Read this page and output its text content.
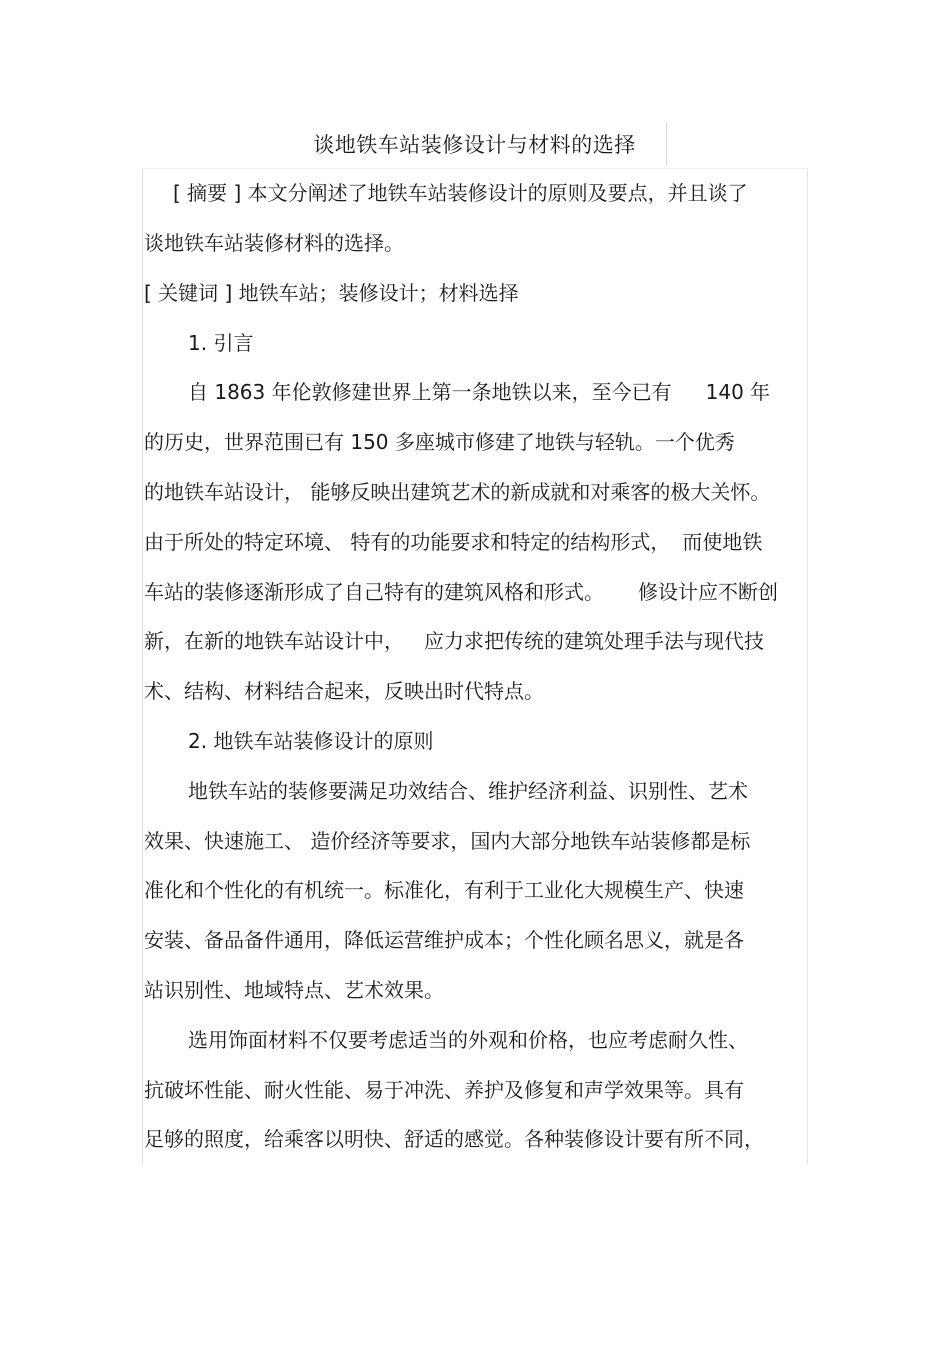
谈地铁车站装修设计与材料的选择
[ 摘要 ] 本文分阐述了地铁车站装修设计的原则及要点，并且谈了
谈地铁车站装修材料的选择。
[ 关键词 ] 地铁车站；装修设计；材料选择
1. 引言
自 1863 年伦敦修建世界上第一条地铁以来，至今已有 140 年
的历史，世界范围已有 150 多座城市修建了地铁与轻轨。一个优秀
的地铁车站设计， 能够反映出建筑艺术的新成就和对乘客的极大关怀。
由于所处的特定环境、 特有的功能要求和特定的结构形式， 而使地铁
车站的装修逐渐形成了自己特有的建筑风格和形式。 修设计应不断创
新，在新的地铁车站设计中， 应力求把传统的建筑处理手法与现代技
术、结构、材料结合起来，反映出时代特点。
2. 地铁车站装修设计的原则
地铁车站的装修要满足功效结合、维护经济利益、识别性、艺术
效果、快速施工、 造价经济等要求，国内大部分地铁车站装修都是标
准化和个性化的有机统一。标准化，有利于工业化大规模生产、快速
安装、备品备件通用，降低运营维护成本；个性化顾名思义，就是各
站识别性、地域特点、艺术效果。
选用饰面材料不仅要考虑适当的外观和价格，也应考虑耐久性、
抗破坏性能、耐火性能、易于冲洗、养护及修复和声学效果等。具有
足够的照度，给乘客以明快、舒适的感觉。各种装修设计要有所不同，
